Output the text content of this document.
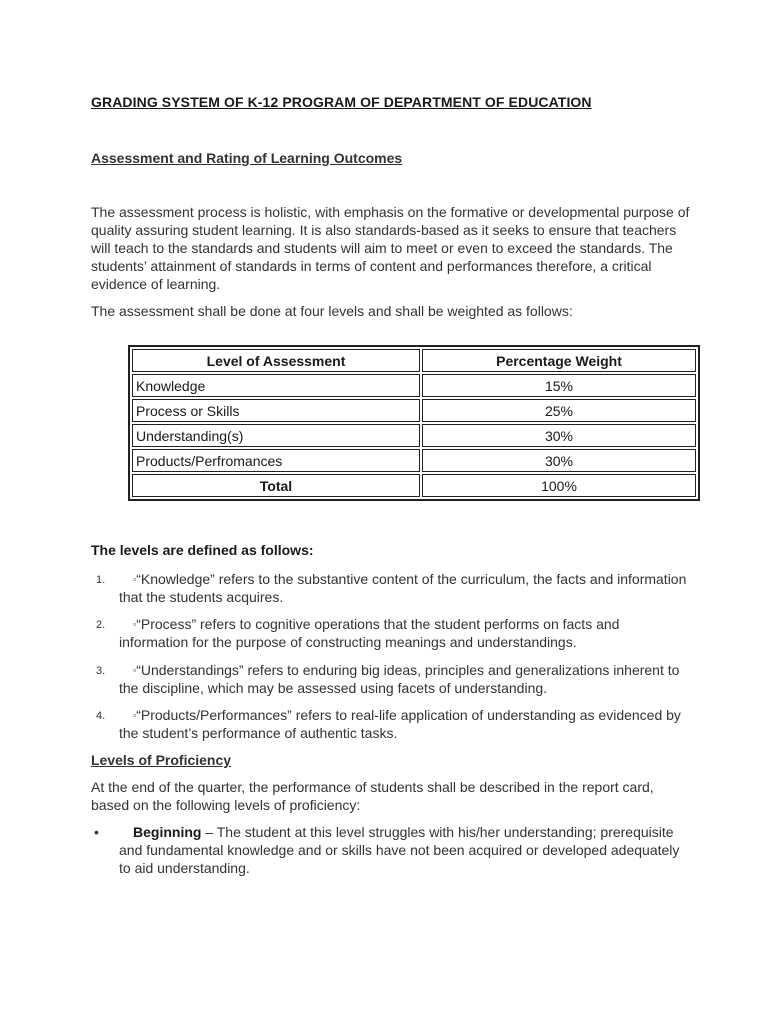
GRADING SYSTEM OF K-12 PROGRAM OF DEPARTMENT OF EDUCATION
Assessment and Rating of Learning Outcomes
The assessment process is holistic, with emphasis on the formative or developmental purpose of quality assuring student learning. It is also standards-based as it seeks to ensure that teachers will teach to the standards and students will aim to meet or even to exceed the standards. The students’ attainment of standards in terms of content and performances therefore, a critical evidence of learning.
The assessment shall be done at four levels and shall be weighted as follows:
Level of Assessment	Percentage Weight
Knowledge	15%
Process or Skills	25%
Understanding(s)	30%
Products/Perfromances	30%
Total	100%
The levels are defined as follows:
1.	▫“Knowledge” refers to the substantive content of the curriculum, the facts and information that the students acquires.
2.	▫“Process” refers to cognitive operations that the student performs on facts and information for the purpose of constructing meanings and understandings.
3.	▫“Understandings” refers to enduring big ideas, principles and generalizations inherent to the discipline, which may be assessed using facets of understanding.
4.	▫“Products/Performances” refers to real-life application of understanding as evidenced by the student’s performance of authentic tasks.
Levels of Proficiency
At the end of the quarter, the performance of students shall be described in the report card, based on the following levels of proficiency:
•	Beginning – The student at this level struggles with his/her understanding; prerequisite and fundamental knowledge and or skills have not been acquired or developed adequately to aid understanding.
